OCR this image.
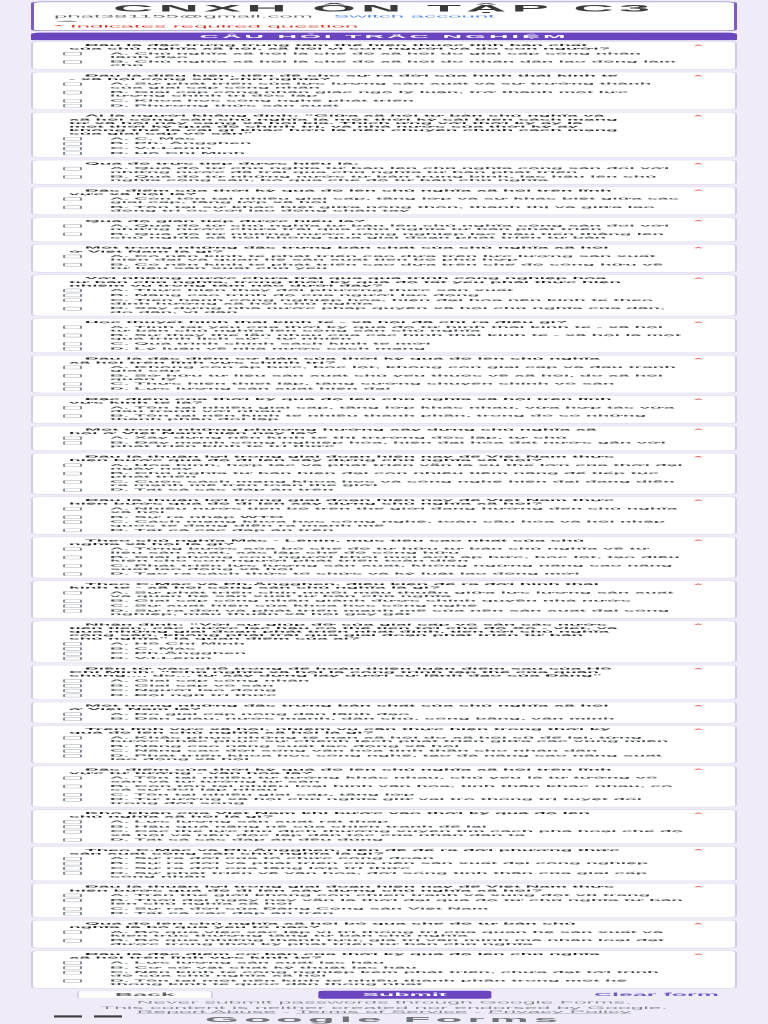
CNXH ÔN TẬP C3
phat381155@gmail.com Switch account
☁
* Indicates required question
CÂU HỎI TRẮC NGHIỆM
*
Đâu là đặc trưng trung tâm thể hiện thuộc tính bản chất của chủ nghĩa xã hội, xã hội vì con người và do con người?
A. Chủ nghĩa xã hội là chế độ xã hội do giai cấp công nhân lãnh đạo
B. Chủ nghĩa xã hội là chế độ xã hội do nhân dân lao động làm chủ
*
Đâu là điều kiện, tiền đề cho sự ra đời của hình thái kinh tế - xã hội cộng sản chủ nghĩa?
A. Sự phát triển của lực lượng sản xuất và sự trưởng thành của giai cấp công nhân
B. Giai cấp công nhân giác ngộ lý luận, trở thành một lực lượng chính trị độc lập
C. Khoa học công nghệ phát triển
D. Phương thức sản xuất
*
Ai là người khẳng định: “Giữa xã hội tư bản chủ nghĩa và xã hội cộng sản chủ nghĩa là một thời kỳ cải biến cách mạng từ xã hội này sang xã hội kia. Thích ứng với thời kỳ ấy là một thời kỳ quá độ chính trị, và nhà nước của thời kỳ ấy không thể là cái gì khác hơn là nền chuyên chính cách mạng của giai cấp vô sản”
A. C. Mác
B. Ph. Ăngghen
C. V.I.Lênin
D. Hồ Chí Minh
*
Quá độ trực tiếp được hiểu là:
A. Quá độ từ chủ nghĩa tư bản lên chủ nghĩa cộng sản đối với những nước đã trải qua chủ nghĩa tư bản phát triển
B. Quá độ từ những nước tư bản trung bình, lạc hậu lên chủ nghĩa cộng sản, bỏ qua chế độ tư bản chủ nghĩa
*
Đặc điểm của thời kỳ quá độ lên chủ nghĩa xã hội trên lĩnh vực xã hội là?
A. Còn tồn tại nhiều giai cấp, tầng lớp và sự khác biệt giữa các giai cấp, tầng lớp xã hội
B. Tồn tại sự khác biệt giữa nông thôn, thành thị và giữa lao động trí óc với lao động chân tay
*
Quá độ gián tiếp được hiểu là?
A. Quá độ từ chủ nghĩa tư bản lên chủ nghĩa cộng sản đối với những nước chưa trải qua chủ nghĩa tư bản phát triển
B. Quá độ từ những nước nông nghiệp lạc hậu tiến thẳng lên chủ nghĩa xã hội không qua giai đoạn phát triển tư bản
*
Một trong những đặc trưng bản chất của chủ nghĩa xã hội ở Việt Nam là gì?
A. Có nền kinh tế phát triển cao dựa trên lực lượng sản xuất hiện đại và quan hệ sản xuất tiến bộ phù hợp
B. Có nền kinh tế phát triển cao dựa trên chế độ công hữu về tư liệu sản xuất chủ yếu
*
Với những nước chưa trải qua quá trình công nghiệp hóa tư bản chủ nghĩa, trong thời kỳ quá độ tất yếu phải thực hiện nhiệm vụ trọng tâm nào dưới đây?
A. Thực hiện thay đổi phương thức sản xuất
B. Nâng cao trình độ của người lao động
C. Tiến hành công nghiệp hóa, hiện đại hóa nền kinh tế theo định hướng xã hội chủ nghĩa
D. Xây dựng nhà nước pháp quyền xã hội chủ nghĩa của dân, do dân, vì dân
*
Học thuyết hình thái kinh tế - xã hội đã chỉ ra điều gì?
A. Tính tất yếu của thời kỳ quá độ từ hình thái kinh tế - xã hội tư bản chủ nghĩa lên cộng sản chủ nghĩa
B. Sự thay thế lẫn nhau của các hình thái kinh tế - xã hội là một quá trình lịch sử - tự nhiên
C. Quá trình chính sách kinh tế mới
D. Lý luận về nhà nước cách mạng
*
Đâu là đặc điểm cơ bản của thời kỳ quá độ lên chủ nghĩa xã hội trên lĩnh vực chính trị?
A. Không còn áp bức, bóc lột, không còn giai cấp và đấu tranh giai cấp
B. Sở hữu tư liệu sản xuất chủ yếu thuộc về xã hội, do xã hội quản lý
C. Thực hiện thiết lập, tăng cường chuyên chính vô sản
D. Lực lượng sản xuất hiện đại
*
Đặc điểm của thời kỳ quá độ lên chủ nghĩa xã hội trên lĩnh vực kinh tế là?
A. Tồn tại nhiều giai cấp, tầng lớp khác nhau, vừa hợp tác vừa đấu tranh với nhau
B. Tồn tại nền kinh tế nhiều thành phần, trong đó có những thành phần đối lập
*
Một trong những phương hướng xây dựng chủ nghĩa xã hội ở Việt Nam hiện nay là?
A. Xây dựng nền kinh tế thị trường độc lập, tự chủ
B. Đẩy mạnh công nghiệp hóa, hiện đại hóa đất nước gắn với phát triển kinh tế tri thức
*
Đâu là thuận lợi trong giai đoạn hiện nay để Việt Nam thực hiện bước quá độ đi lên xây dựng chủ nghĩa xã hội?
A. Hòa bình, hợp tác và phát triển vẫn là xu thế lớn của thời đại ngày nay
B. Chủ nghĩa tư bản hiện đại còn nhiều tiềm năng để tiếp tục phát triển
C. Cuộc cách mạng khoa học và công nghệ hiện đại đang diễn ra mạnh mẽ trên toàn thế giới
D. Tất cả các đáp án trên
*
Đâu là thuận lợi trong giai đoạn hiện nay để Việt Nam thực hiện bước quá độ đi lên xây dựng chủ nghĩa xã hội?
A. Nhiều nước tiến bộ trên thế giới đang hướng đến chủ nghĩa xã hội
B. Sự ra nhập WTO
C. Cách mạng khoa học công nghệ, toàn cầu hóa và hội nhập quốc tế đang diễn ra mạnh mẽ
D. Tất cả các đáp án trên
*
Theo chủ nghĩa Mác - Lênin, mục tiêu cao nhất của chủ nghĩa xã hội là gì?
A. Từng bước xóa bỏ chế độ tư hữu tư bản chủ nghĩa về tư liệu sản xuất, xác lập chế độ công hữu
B. Giải phóng con người khỏi mọi ách áp bức, bóc lột, tạo điều kiện cho con người phát triển toàn diện
C. Phát triển lực lượng sản xuất, không ngừng nâng cao năng suất lao động xã hội
D. Tạo ra cách thức tổ chức và kỷ luật lao động mới
*
Theo C.Mác và Ph.Ăngghen, điều kiện để ra đời hình thái kinh tế - xã hội cộng sản chủ nghĩa là gì?
A. Sự phát triển chín muồi mâu thuẫn giữa lực lượng sản xuất và quan hệ sản xuất tư bản chủ nghĩa
B. Giai cấp công nhân giành được chính quyền nhà nước
C. Sự xuất hiện của khoa học công nghệ
D. Sự ra đời và phát triển mạnh mẽ của nền sản xuất đại công nghiệp, mâu thuẫn xã hội gay gắt
*
Nhận định: “Với sự giúp đỡ của giai cấp vô sản các nước tiên tiến, các nước lạc hậu có thể tiến tới chế độ Xô - viết, và qua những giai đoạn phát triển nhất định, tiến tới chủ nghĩa cộng sản, không phải trải qua giai đoạn phát triển tư bản chủ nghĩa” là quan điểm của ai?
A. Hồ Chí Minh
B. C. Mác
C. Ph.Ăngghen
D. V.I.Lênin
*
Điền từ vào chỗ trống để hoàn thiện luận điểm sau của Hồ Chí Minh: “Chủ nghĩa xã hội là công trình tập thể của quần chúng..., do... tự xây dựng lấy dưới sự lãnh đạo của Đảng”
A. Giai cấp công nhân
B. Giai cấp vô sản
C. Người lao động
D. Đội ngũ trí thức
*
Một trong những đặc trưng bản chất của chủ nghĩa xã hội ở Việt Nam là?
A. Do giai cấp nông dân lãnh đạo
B. Dân giàu, nước mạnh, dân chủ, công bằng, văn minh
*
Trên lĩnh vực xã hội, nhiệm vụ cần thực hiện trong thời kỳ quá độ lên chủ nghĩa xã hội là gì?
A. Khắc phục những tệ nạn xã hội do xã hội cũ để lại, từng bước khắc phục sự chênh lệch phát triển giữa các vùng miền
B. Nâng cao năng suất lao động xã hội
C. Nâng cao đời sống văn hóa tinh thần cho nhân dân
D. Phát triển khoa học công nghệ, tạo đà nâng cao năng suất lao động xã hội
*
Đặc điểm của thời kỳ quá độ lên chủ nghĩa xã hội trên lĩnh vực tư tưởng - văn hóa là?
A. Tồn tại nhiều tư tưởng khác nhau, chủ yếu là tư tưởng vô sản và tư tưởng tư sản
B. Còn tồn tại nhiều loại hình văn hóa, tinh thần khác nhau, có cả sự đối lập nhau
C. Tồn tại nhiều giai cấp, tầng lớp
D. Tư tưởng xã hội chủ nghĩa giữ vai trò thống trị tuyệt đối trong đời sống
*
Khó khăn của Việt Nam khi bước vào thời kỳ quá độ lên chủ nghĩa xã hội là gì?
A. Lực lượng sản xuất rất thấp
B. Hậu quả nặng nề của chiến tranh để lại
C. Các thế lực thù địch thường xuyên tìm cách phá hoại chế độ xã hội và nền độc lập dân tộc của nhân dân ta
D. Tất cả các đáp án đều đúng
*
Theo C.Mác và Ph.Ăngghen, tiền đề để ra đời phương thức sản xuất cộng sản chủ nghĩa là gì?
A. Sự ra đời của tổ chức công đoàn
B. Sự ra đời và phát triển của nền sản xuất đại công nghiệp
C. Sự ra đời của tầng lớp trí thức
D. Sự phát triển về văn hóa, đời sống tinh thần của giai cấp công nhân
*
Đâu là thuận lợi trong giai đoạn hiện nay để Việt Nam thực hiện bước quá độ đi lên xây dựng chủ nghĩa xã hội?
A. Trên thế giới không còn chiến tranh và xung đột vũ trang
B. Thời đại ngày nay vẫn là thời đại quá độ từ chủ nghĩa tư bản lên chủ nghĩa xã hội
C. Sự ra đời của Đảng Cộng sản Việt Nam
D. Tất cả các đáp án trên
*
Quá độ lên chủ nghĩa xã hội bỏ qua chế độ tư bản chủ nghĩa là bỏ qua yếu tố nào?
A. Bỏ qua việc xác lập vị trí thống trị của quan hệ sản xuất và kiến trúc thượng tầng tư bản chủ nghĩa
B. Bỏ qua những thành tựu, giá trị văn minh mà nhân loại đạt được trong thời kỳ phát triển tư bản chủ nghĩa
*
Đâu là đặc điểm cơ bản của thời kỳ quá độ lên chủ nghĩa xã hội trên lĩnh vực kinh tế?
A. Lực lượng sản xuất lạc hậu
B. Cơ sở vật chất kỹ thuật lạc hậu
C. Nền kinh tế công nghiệp kém phát triển, chưa đạt tới trình độ của chủ nghĩa xã hội
D. Tồn tại một nền kinh tế nhiều thành phần trong một hệ thống kinh tế quốc dân thống nhất
Back	Submit	Clear form
Never submit passwords through Google Forms.
This content is neither created nor endorsed by Google. Report Abuse - Terms of Service - Privacy Policy
Google Forms
